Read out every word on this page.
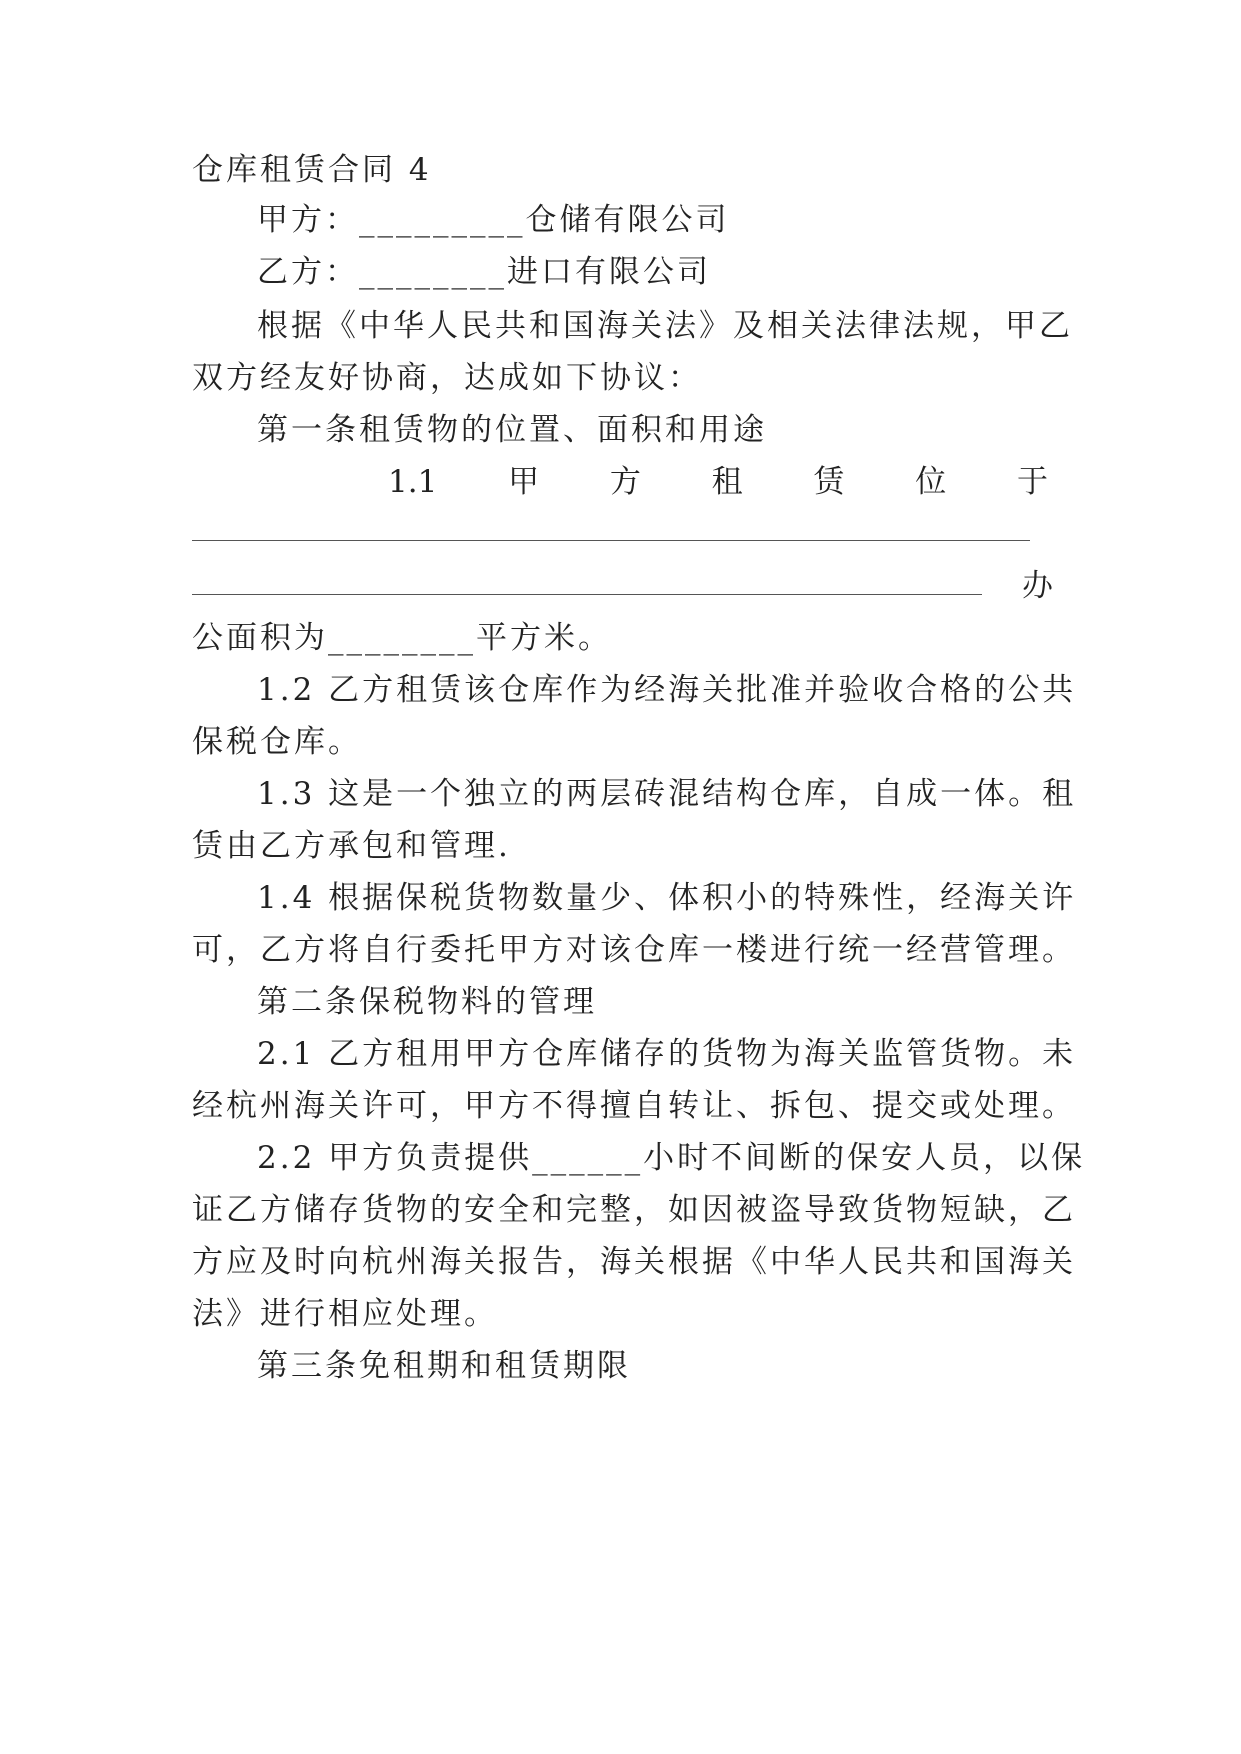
仓库租赁合同 4
甲方：_________仓储有限公司
乙方：________进口有限公司
根据《中华人民共和国海关法》及相关法律法规，甲乙
双方经友好协商，达成如下协议：
第一条租赁物的位置、面积和用途
1.1 甲 方 租 赁 位 于
办
公面积为________平方米。
1.2 乙方租赁该仓库作为经海关批准并验收合格的公共
保税仓库。
1.3 这是一个独立的两层砖混结构仓库，自成一体。租
赁由乙方承包和管理.
1.4 根据保税货物数量少、体积小的特殊性，经海关许
可，乙方将自行委托甲方对该仓库一楼进行统一经营管理。
第二条保税物料的管理
2.1 乙方租用甲方仓库储存的货物为海关监管货物。未
经杭州海关许可，甲方不得擅自转让、拆包、提交或处理。
2.2 甲方负责提供______小时不间断的保安人员，以保
证乙方储存货物的安全和完整，如因被盗导致货物短缺，乙
方应及时向杭州海关报告，海关根据《中华人民共和国海关
法》进行相应处理。
第三条免租期和租赁期限
